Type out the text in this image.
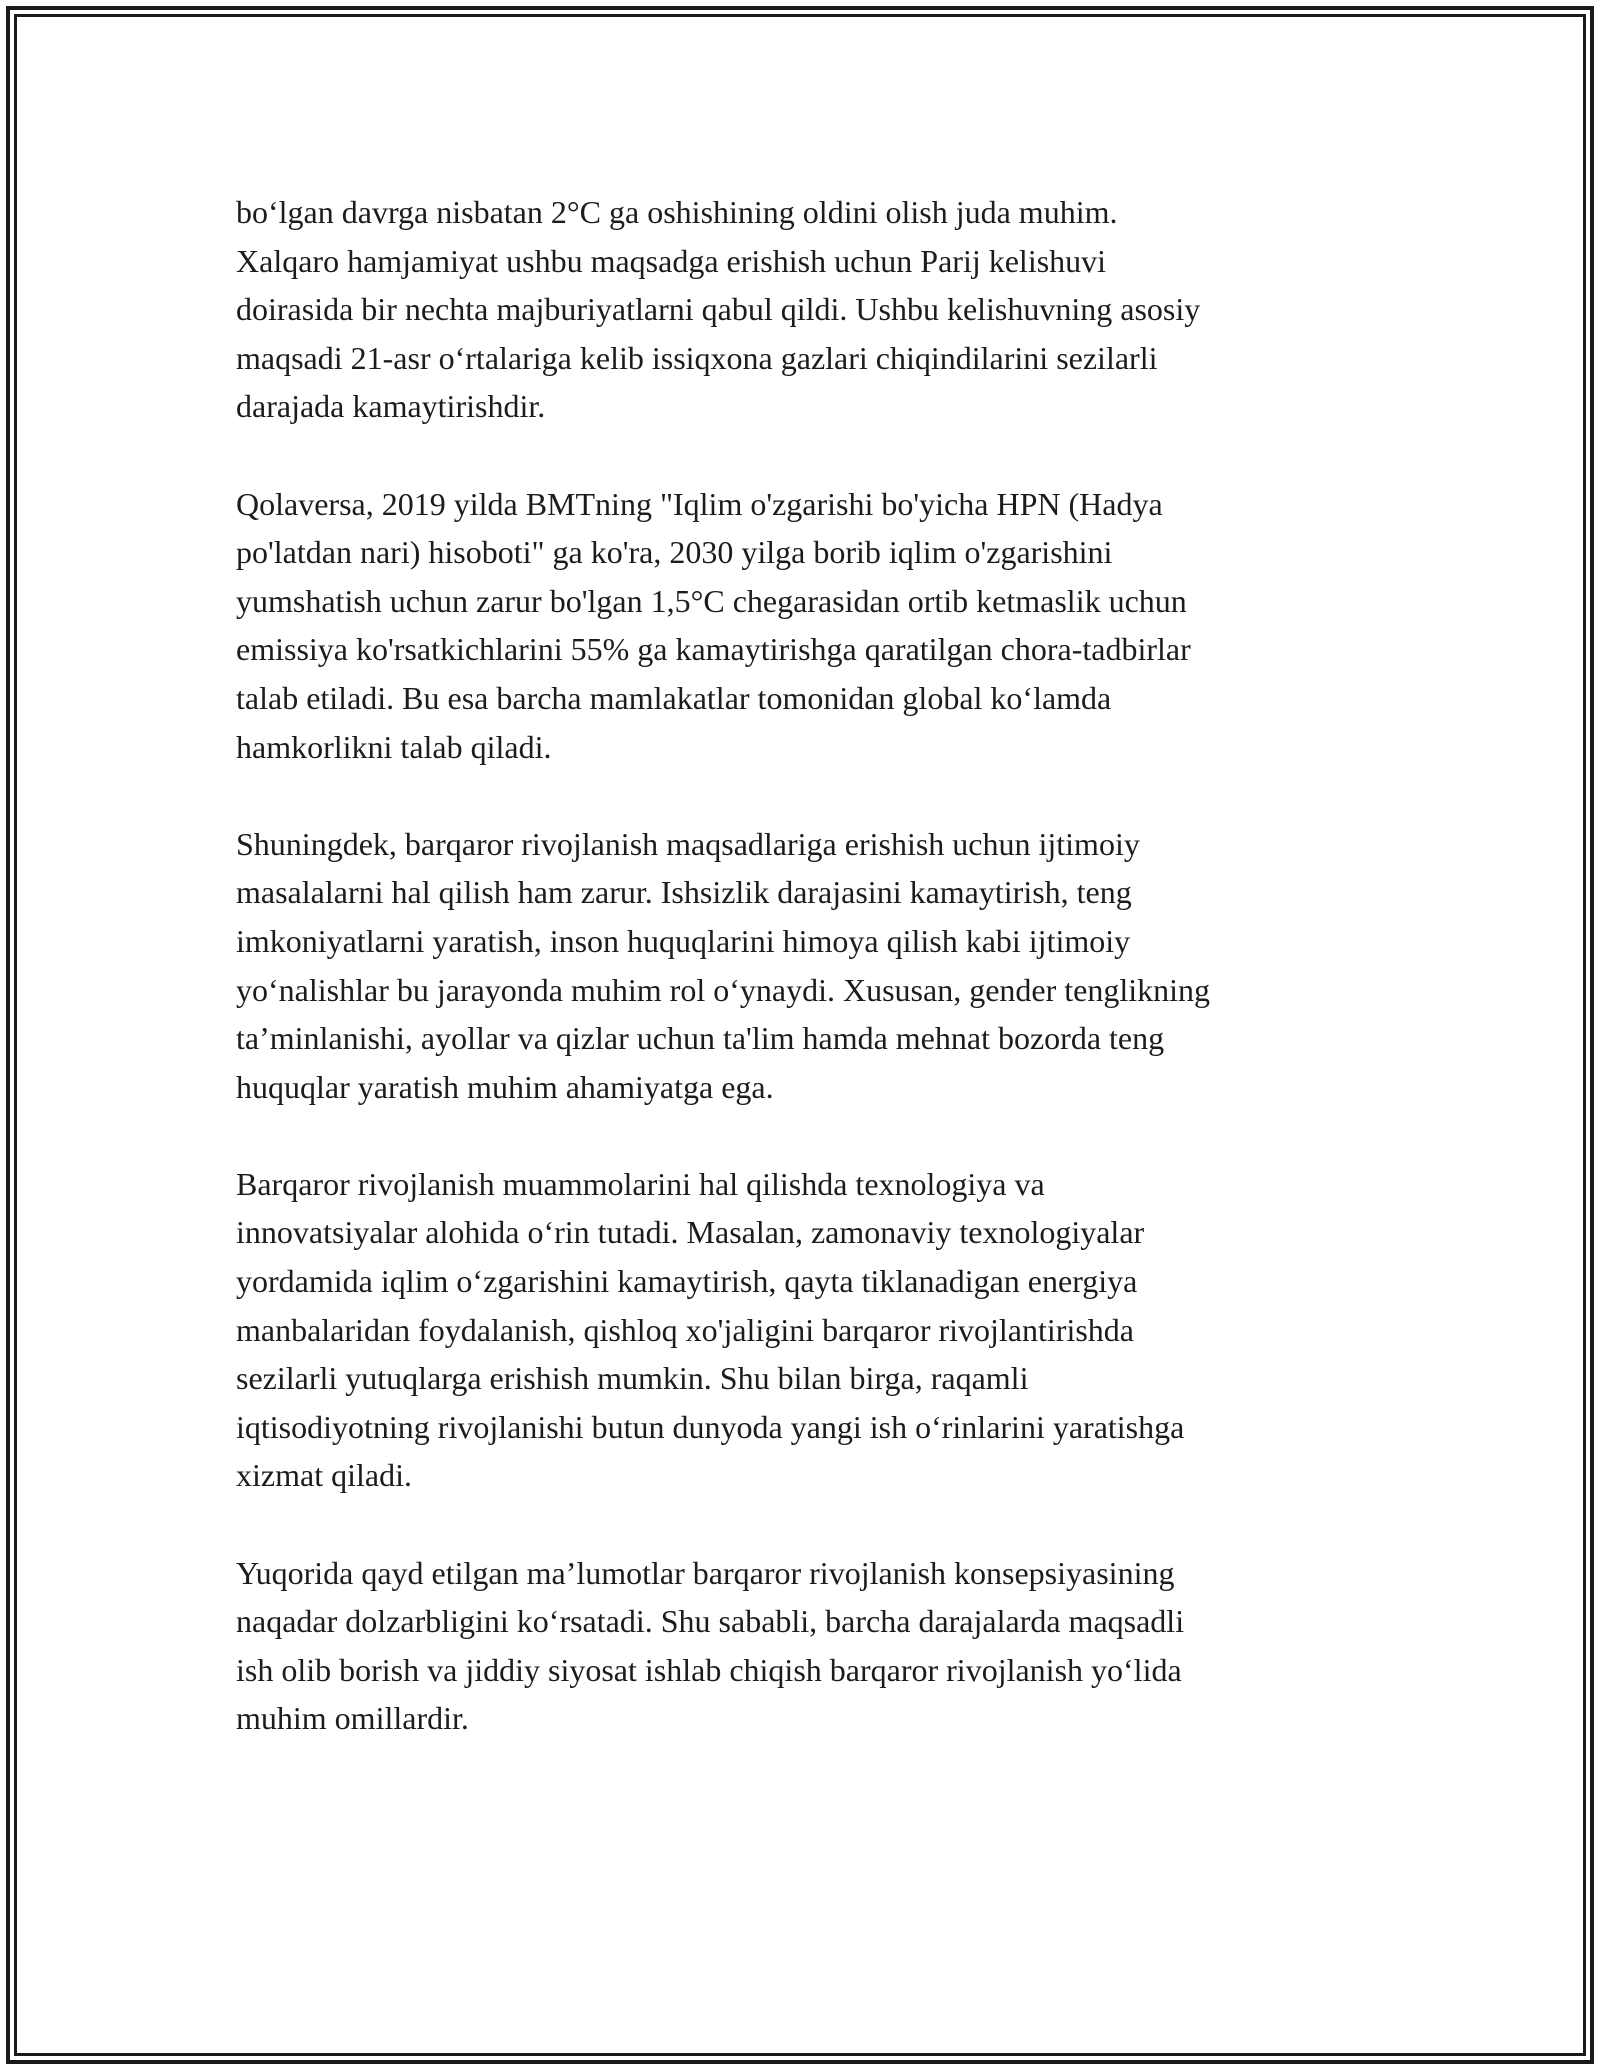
bo‘lgan davrga nisbatan 2°C ga oshishining oldini olish juda muhim.
Xalqaro hamjamiyat ushbu maqsadga erishish uchun Parij kelishuvi
doirasida bir nechta majburiyatlarni qabul qildi. Ushbu kelishuvning asosiy
maqsadi 21-asr o‘rtalariga kelib issiqxona gazlari chiqindilarini sezilarli
darajada kamaytirishdir.

Qolaversa, 2019 yilda BMTning "Iqlim o'zgarishi bo'yicha HPN (Hadya
po'latdan nari) hisoboti" ga ko'ra, 2030 yilga borib iqlim o'zgarishini
yumshatish uchun zarur bo'lgan 1,5°C chegarasidan ortib ketmaslik uchun
emissiya ko'rsatkichlarini 55% ga kamaytirishga qaratilgan chora-tadbirlar
talab etiladi. Bu esa barcha mamlakatlar tomonidan global ko‘lamda
hamkorlikni talab qiladi.

Shuningdek, barqaror rivojlanish maqsadlariga erishish uchun ijtimoiy
masalalarni hal qilish ham zarur. Ishsizlik darajasini kamaytirish, teng
imkoniyatlarni yaratish, inson huquqlarini himoya qilish kabi ijtimoiy
yo‘nalishlar bu jarayonda muhim rol o‘ynaydi. Xususan, gender tenglikning
ta’minlanishi, ayollar va qizlar uchun ta'lim hamda mehnat bozorda teng
huquqlar yaratish muhim ahamiyatga ega.

Barqaror rivojlanish muammolarini hal qilishda texnologiya va
innovatsiyalar alohida o‘rin tutadi. Masalan, zamonaviy texnologiyalar
yordamida iqlim o‘zgarishini kamaytirish, qayta tiklanadigan energiya
manbalaridan foydalanish, qishloq xo'jaligini barqaror rivojlantirishda
sezilarli yutuqlarga erishish mumkin. Shu bilan birga, raqamli
iqtisodiyotning rivojlanishi butun dunyoda yangi ish o‘rinlarini yaratishga
xizmat qiladi.

Yuqorida qayd etilgan ma’lumotlar barqaror rivojlanish konsepsiyasining
naqadar dolzarbligini ko‘rsatadi. Shu sababli, barcha darajalarda maqsadli
ish olib borish va jiddiy siyosat ishlab chiqish barqaror rivojlanish yo‘lida
muhim omillardir.
